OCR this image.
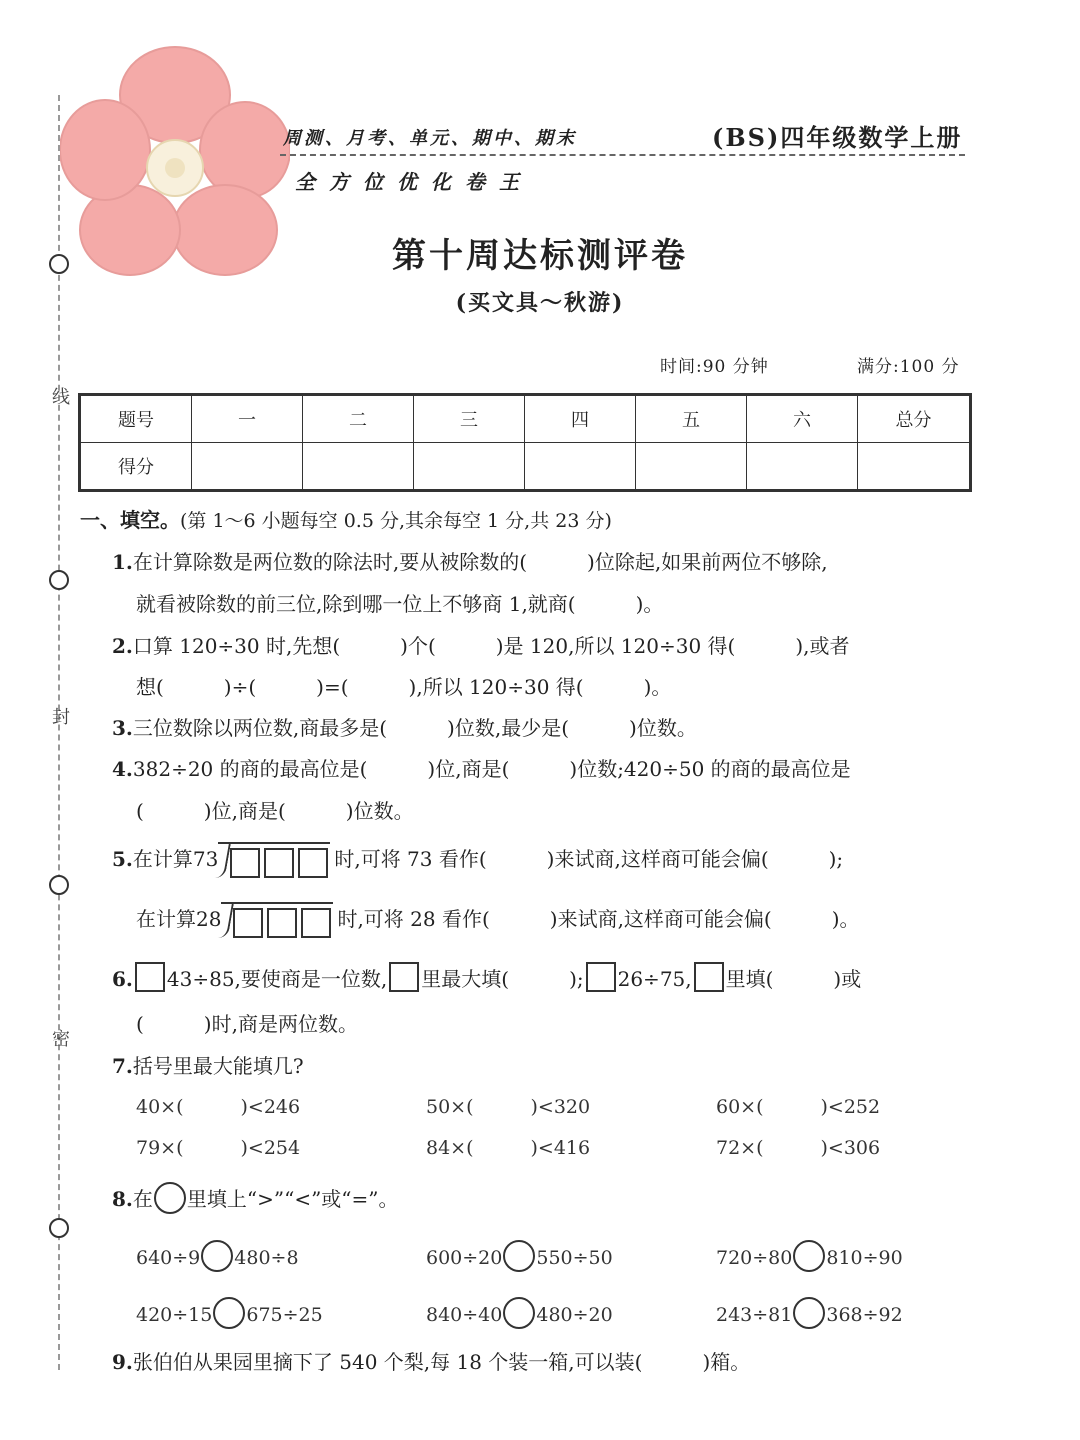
线
封
密
周测、月考、单元、期中、期末	(BS)四年级数学上册
全方位优化卷王
第十周达标测评卷
(买文具～秋游)
时间:90 分钟	满分:100 分
题号	一	二	三	四	五	六	总分
得分							
一、填空。(第 1～6 小题每空 0.5 分,其余每空 1 分,共 23 分)
1.在计算除数是两位数的除法时,要从被除数的(　　　)位除起,如果前两位不够除,
就看被除数的前三位,除到哪一位上不够商 1,就商(　　　)。
2.口算 120÷30 时,先想(　　　)个(　　　)是 120,所以 120÷30 得(　　　),或者
想(　　　)÷(　　　)=(　　　),所以 120÷30 得(　　　)。
3.三位数除以两位数,商最多是(　　　)位数,最少是(　　　)位数。
4.382÷20 的商的最高位是(　　　)位,商是(　　　)位数;420÷50 的商的最高位是
(　　　)位,商是(　　　)位数。
5.在计算73	时,可将 73 看作(　　　)来试商,这样商可能会偏(　　　);
在计算28	时,可将 28 看作(　　　)来试商,这样商可能会偏(　　　)。
6. 43÷85,要使商是一位数, 里最大填(　　　); 26÷75, 里填(　　　)或
(　　　)时,商是两位数。
7.括号里最大能填几?
40×(　　　)<246	50×(　　　)<320	60×(　　　)<252
79×(　　　)<254	84×(　　　)<416	72×(　　　)<306
8.在 里填上“>”“<”或“=”。
640÷9 480÷8	600÷20 550÷50	720÷80 810÷90
420÷15 675÷25	840÷40 480÷20	243÷81 368÷92
9.张伯伯从果园里摘下了 540 个梨,每 18 个装一箱,可以装(　　　)箱。
